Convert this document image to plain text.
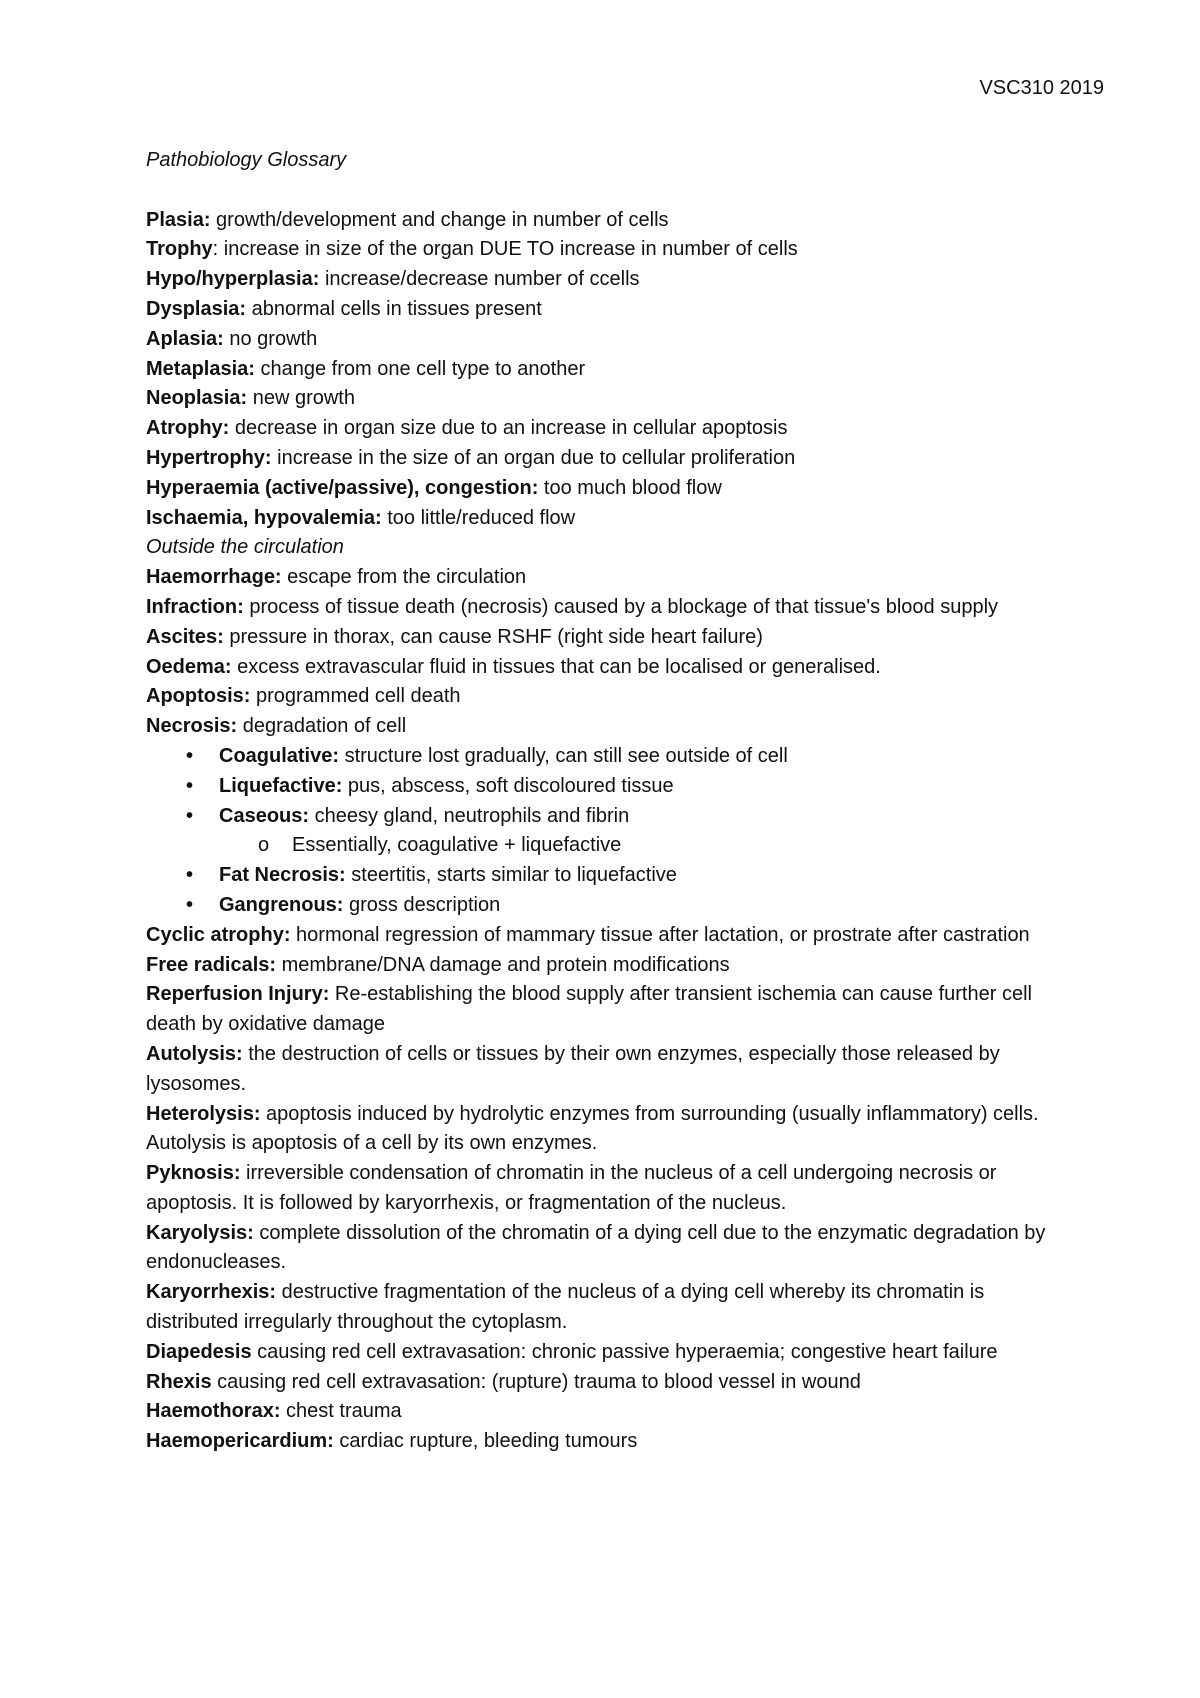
VSC310 2019

Pathobiology Glossary

Plasia: growth/development and change in number of cells

Trophy: increase in size of the organ DUE TO increase in number of cells

Hypo/hyperplasia: increase/decrease number of ccells

Dysplasia: abnormal cells in tissues present

Aplasia: no growth

Metaplasia: change from one cell type to another

Neoplasia: new growth

Atrophy: decrease in organ size due to an increase in cellular apoptosis

Hypertrophy: increase in the size of an organ due to cellular proliferation

Hyperaemia (active/passive), congestion: too much blood flow

Ischaemia, hypovalemia: too little/reduced flow

Outside the circulation

Haemorrhage: escape from the circulation

Infraction: process of tissue death (necrosis) caused by a blockage of that tissue's blood supply

Ascites: pressure in thorax, can cause RSHF (right side heart failure)

Oedema: excess extravascular fluid in tissues that can be localised or generalised.

Apoptosis: programmed cell death

Necrosis: degradation of cell

• Coagulative: structure lost gradually, can still see outside of cell
• Liquefactive: pus, abscess, soft discoloured tissue
• Caseous: cheesy gland, neutrophils and fibrin
o Essentially, coagulative + liquefactive
• Fat Necrosis: steertitis, starts similar to liquefactive
• Gangrenous: gross description

Cyclic atrophy: hormonal regression of mammary tissue after lactation, or prostrate after castration

Free radicals: membrane/DNA damage and protein modifications

Reperfusion Injury: Re-establishing the blood supply after transient ischemia can cause further cell death by oxidative damage

Autolysis: the destruction of cells or tissues by their own enzymes, especially those released by lysosomes.

Heterolysis: apoptosis induced by hydrolytic enzymes from surrounding (usually inflammatory) cells. Autolysis is apoptosis of a cell by its own enzymes.

Pyknosis: irreversible condensation of chromatin in the nucleus of a cell undergoing necrosis or apoptosis. It is followed by karyorrhexis, or fragmentation of the nucleus.

Karyolysis: complete dissolution of the chromatin of a dying cell due to the enzymatic degradation by endonucleases.

Karyorrhexis: destructive fragmentation of the nucleus of a dying cell whereby its chromatin is distributed irregularly throughout the cytoplasm.

Diapedesis causing red cell extravasation: chronic passive hyperaemia; congestive heart failure

Rhexis causing red cell extravasation: (rupture) trauma to blood vessel in wound

Haemothorax: chest trauma

Haemopericardium: cardiac rupture, bleeding tumours
